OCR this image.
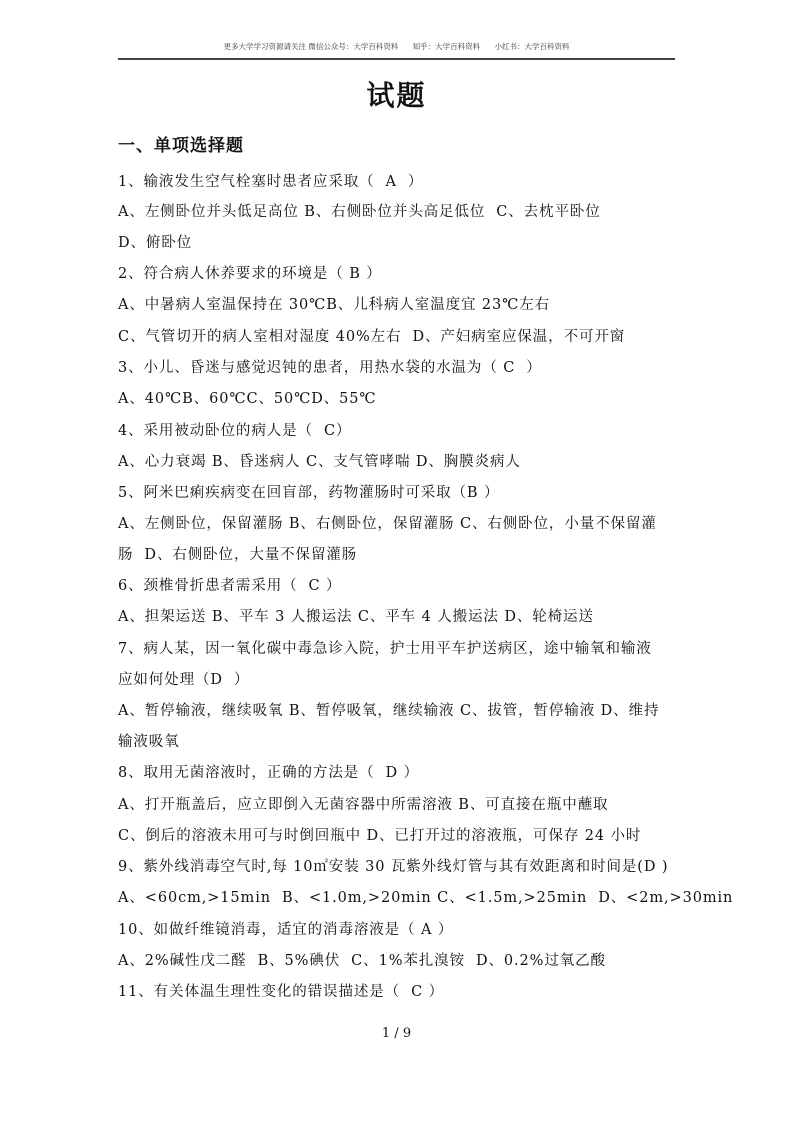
更多大学学习资源请关注 微信公众号：大学百科资料      知乎：大学百科资料      小红书：大学百科资料
试题
一、单项选择题
1、输液发生空气栓塞时患者应采取（  A  ）
A、左侧卧位并头低足高位 B、右侧卧位并头高足低位  C、去枕平卧位
D、俯卧位
2、符合病人休养要求的环境是（ B ）
A、中暑病人室温保持在 30℃B、儿科病人室温度宜 23℃左右
C、气管切开的病人室相对湿度 40%左右  D、产妇病室应保温，不可开窗
3、小儿、昏迷与感觉迟钝的患者，用热水袋的水温为（ C  ）
A、40℃B、60℃C、50℃D、55℃
4、采用被动卧位的病人是（  C）
A、心力衰竭 B、昏迷病人 C、支气管哮喘 D、胸膜炎病人
5、阿米巴痢疾病变在回盲部，药物灌肠时可采取（B ）
A、左侧卧位，保留灌肠 B、右侧卧位，保留灌肠 C、右侧卧位，小量不保留灌
肠  D、右侧卧位，大量不保留灌肠
6、颈椎骨折患者需采用（  C ）
A、担架运送 B、平车 3 人搬运法 C、平车 4 人搬运法 D、轮椅运送
7、病人某，因一氧化碳中毒急诊入院，护士用平车护送病区，途中输氧和输液
应如何处理（D  ）
A、暂停输液，继续吸氧 B、暂停吸氧，继续输液 C、拔管，暂停输液 D、维持
输液吸氧
8、取用无菌溶液时，正确的方法是（  D ）
A、打开瓶盖后，应立即倒入无菌容器中所需溶液 B、可直接在瓶中蘸取
C、倒后的溶液未用可与时倒回瓶中 D、已打开过的溶液瓶，可保存 24 小时
9、紫外线消毒空气时,每 10㎡安装 30 瓦紫外线灯管与其有效距离和时间是(D )
A、<60cm,>15min  B、<1.0m,>20min C、<1.5m,>25min  D、<2m,>30min
10、如做纤维镜消毒，适宜的消毒溶液是（ A ）
A、2%碱性戊二醛  B、5%碘伏  C、1%苯扎溴铵  D、0.2%过氧乙酸
11、有关体温生理性变化的错误描述是（  C ）
1 / 9
